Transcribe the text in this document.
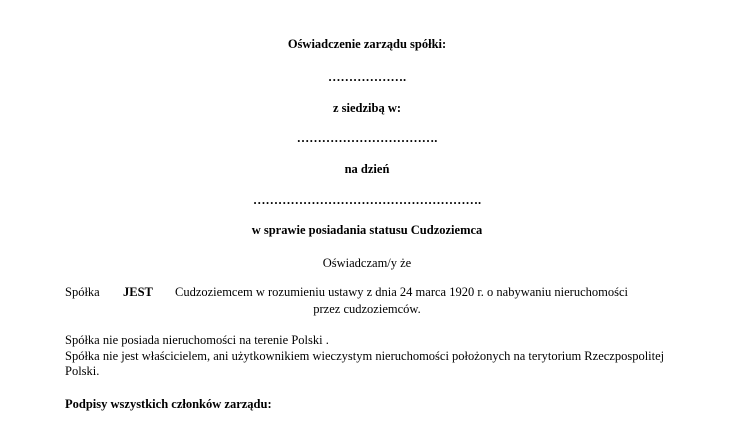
Oświadczenie zarządu spółki:
……………….
z siedzibą w:
…………………………….
na dzień
……………………………………………….
w sprawie posiadania statusu Cudzoziemca
Oświadczam/y że
Spółka JEST Cudzoziemcem w rozumieniu ustawy z dnia 24 marca 1920 r. o nabywaniu nieruchomości
przez cudzoziemców.
Spółka nie posiada nieruchomości na terenie Polski .
Spółka nie jest właścicielem, ani użytkownikiem wieczystym nieruchomości położonych na terytorium Rzeczpospolitej
Polski.
Podpisy wszystkich członków zarządu:
